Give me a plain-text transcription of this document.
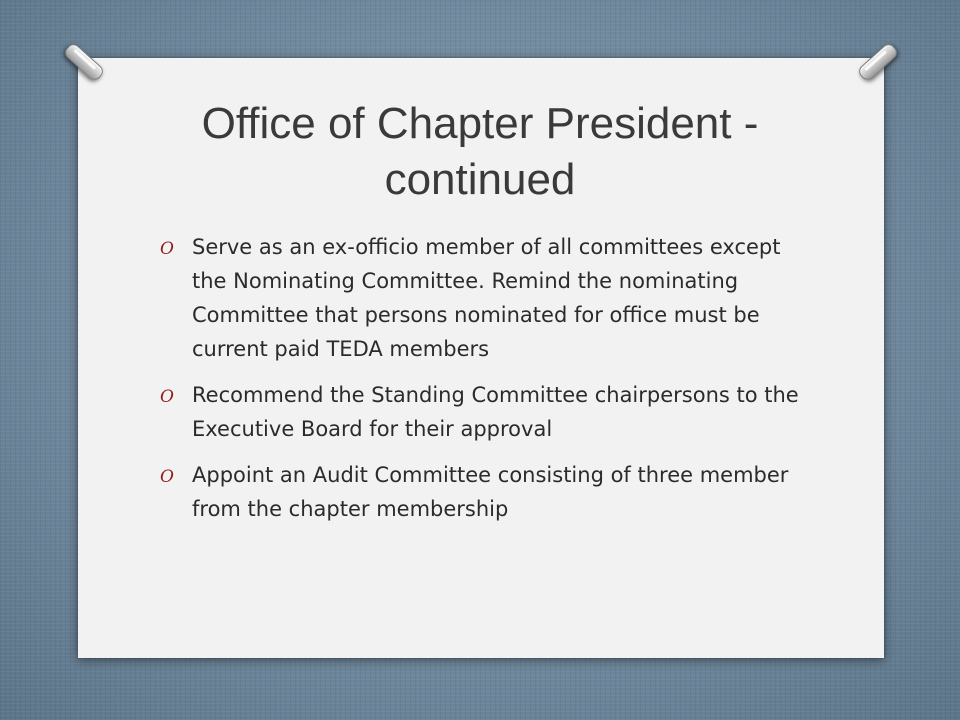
Office of Chapter President -
continued
O Serve as an ex-officio member of all committees except the Nominating Committee. Remind the nominating Committee that persons nominated for office must be current paid TEDA members
O Recommend the Standing Committee chairpersons to the Executive Board for their approval
O Appoint an Audit Committee consisting of three member from the chapter membership
